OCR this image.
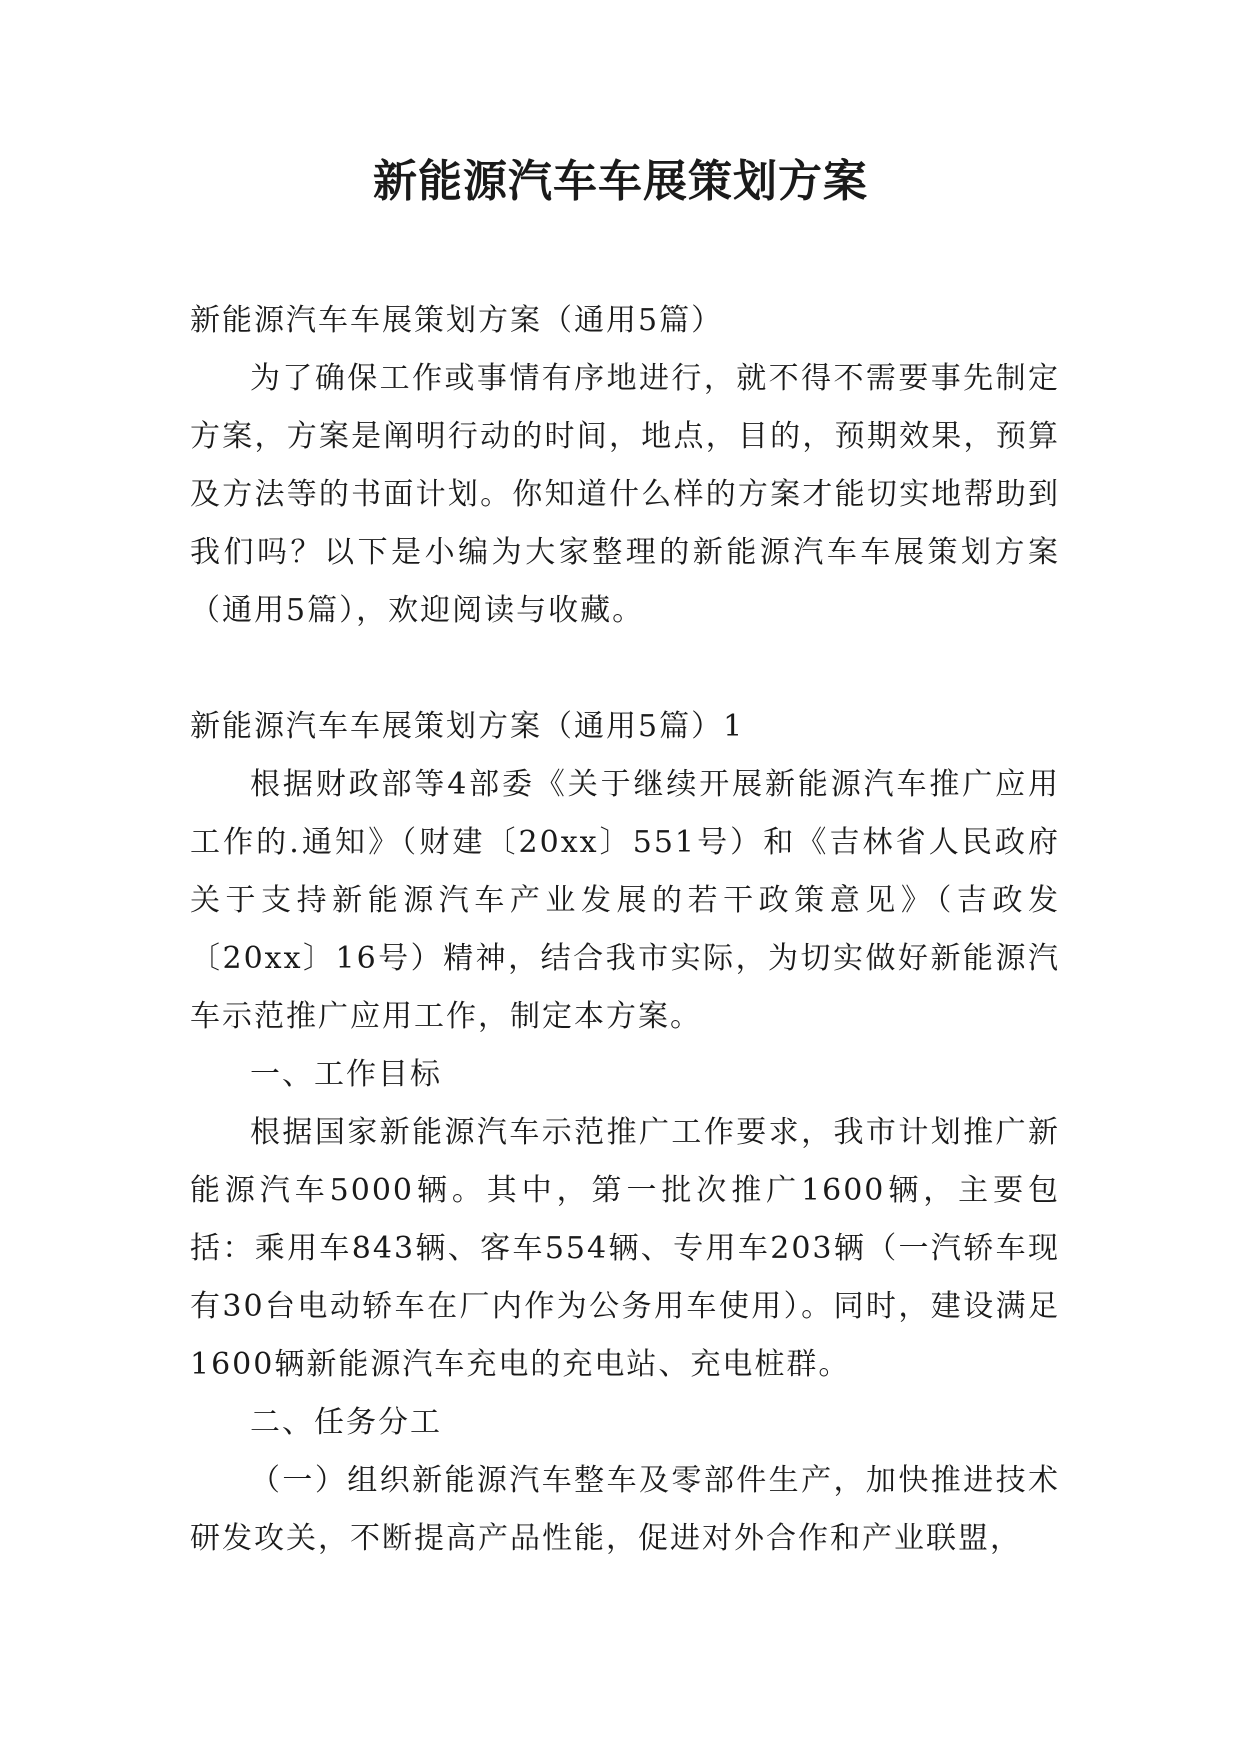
新能源汽车车展策划方案

新能源汽车车展策划方案（通用5篇）

为了确保工作或事情有序地进行，就不得不需要事先制定方案，方案是阐明行动的时间，地点，目的，预期效果，预算及方法等的书面计划。你知道什么样的方案才能切实地帮助到我们吗？以下是小编为大家整理的新能源汽车车展策划方案（通用5篇），欢迎阅读与收藏。

新能源汽车车展策划方案（通用5篇）1

根据财政部等4部委《关于继续开展新能源汽车推广应用工作的.通知》（财建〔20xx〕551号）和《吉林省人民政府关于支持新能源汽车产业发展的若干政策意见》（吉政发〔20xx〕16号）精神，结合我市实际，为切实做好新能源汽车示范推广应用工作，制定本方案。

一、工作目标

根据国家新能源汽车示范推广工作要求，我市计划推广新能源汽车5000辆。其中，第一批次推广1600辆，主要包括：乘用车843辆、客车554辆、专用车203辆（一汽轿车现有30台电动轿车在厂内作为公务用车使用）。同时，建设满足1600辆新能源汽车充电的充电站、充电桩群。

二、任务分工

（一）组织新能源汽车整车及零部件生产，加快推进技术研发攻关，不断提高产品性能，促进对外合作和产业联盟，
